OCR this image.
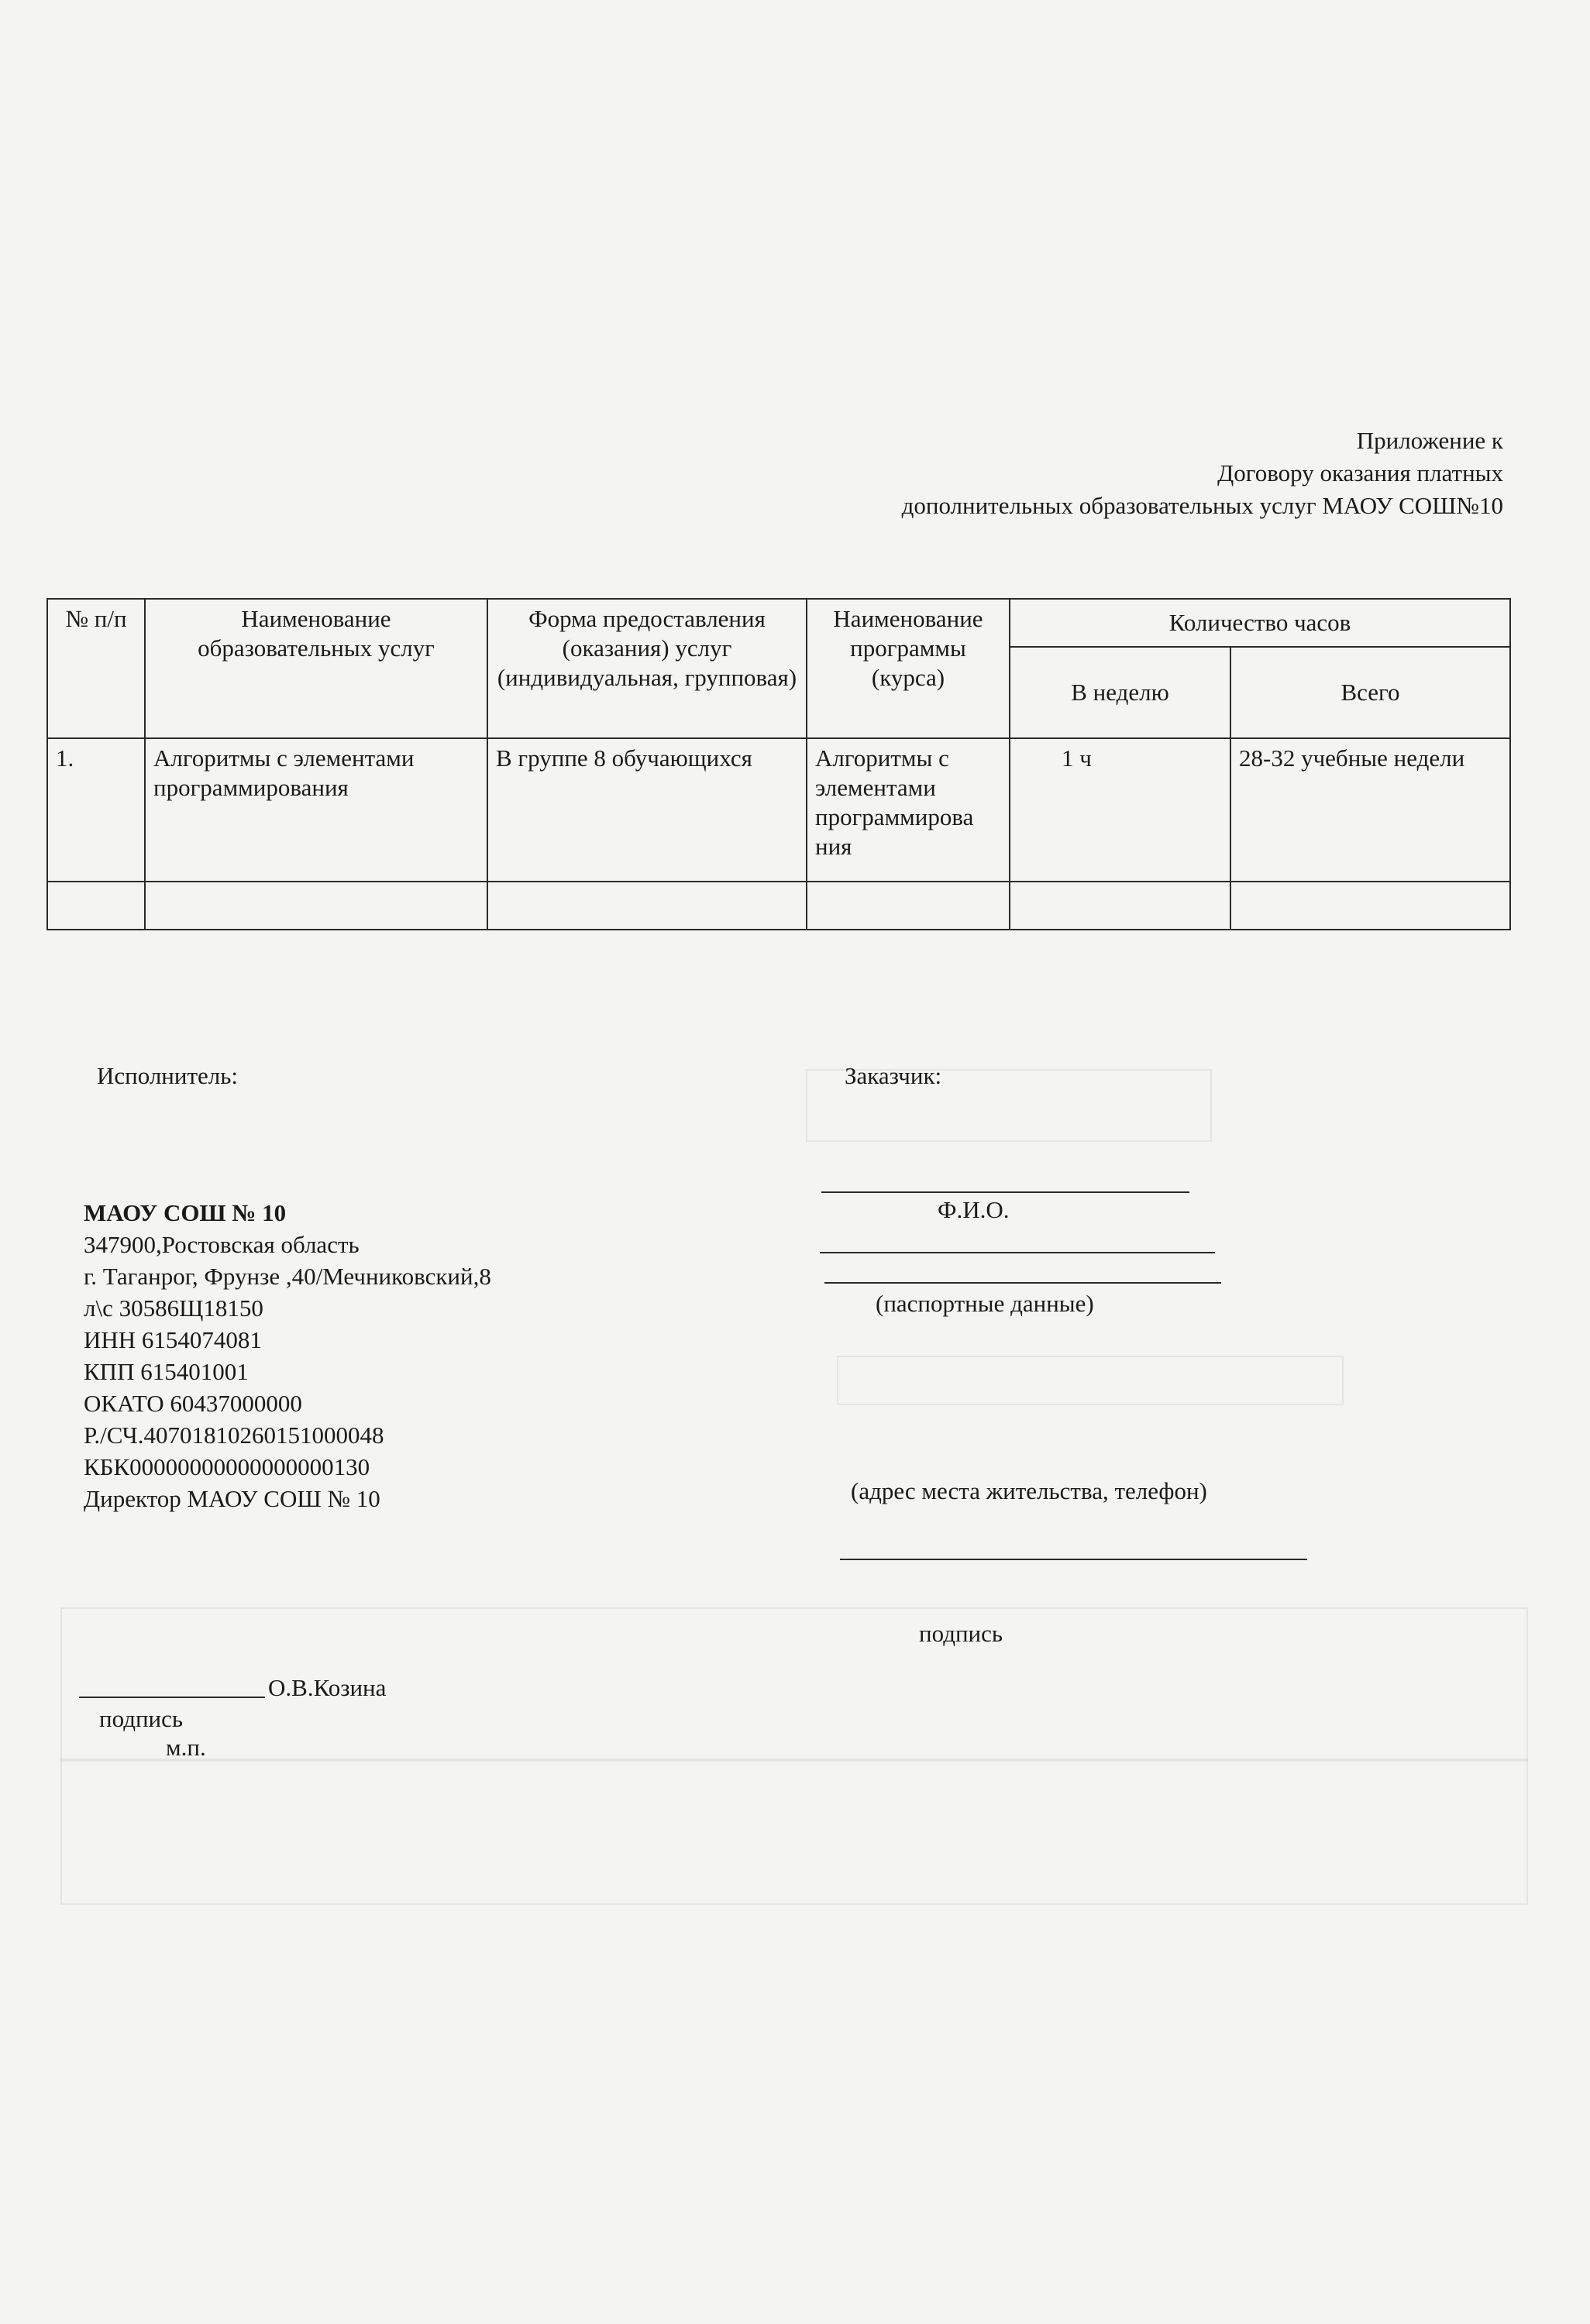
Приложение к
Договору оказания платных
дополнительных образовательных услуг МАОУ СОШ№10
№ п/п	Наименование образовательных услуг	Форма предоставления (оказания) услуг (индивидуальная, групповая)	Наименование программы (курса)	Количество часов	
				В неделю	Всего
1.	Алгоритмы с элементами программирования	В группе 8 обучающихся	Алгоритмы с элементами программирова ния	1 ч	28-32 учебные недели

Исполнитель:	Заказчик:
МАОУ СОШ № 10
347900,Ростовская область
г. Таганрог, Фрунзе ,40/Мечниковский,8
л\с 30586Щ18150
ИНН 6154074081
КПП 615401001
ОКАТО 60437000000
Р./СЧ.40701810260151000048
КБК00000000000000000130
Директор МАОУ СОШ № 10
О.В.Козина
подпись
м.п.
Ф.И.О.
(паспортные данные)
(адрес места жительства, телефон)
подпись
